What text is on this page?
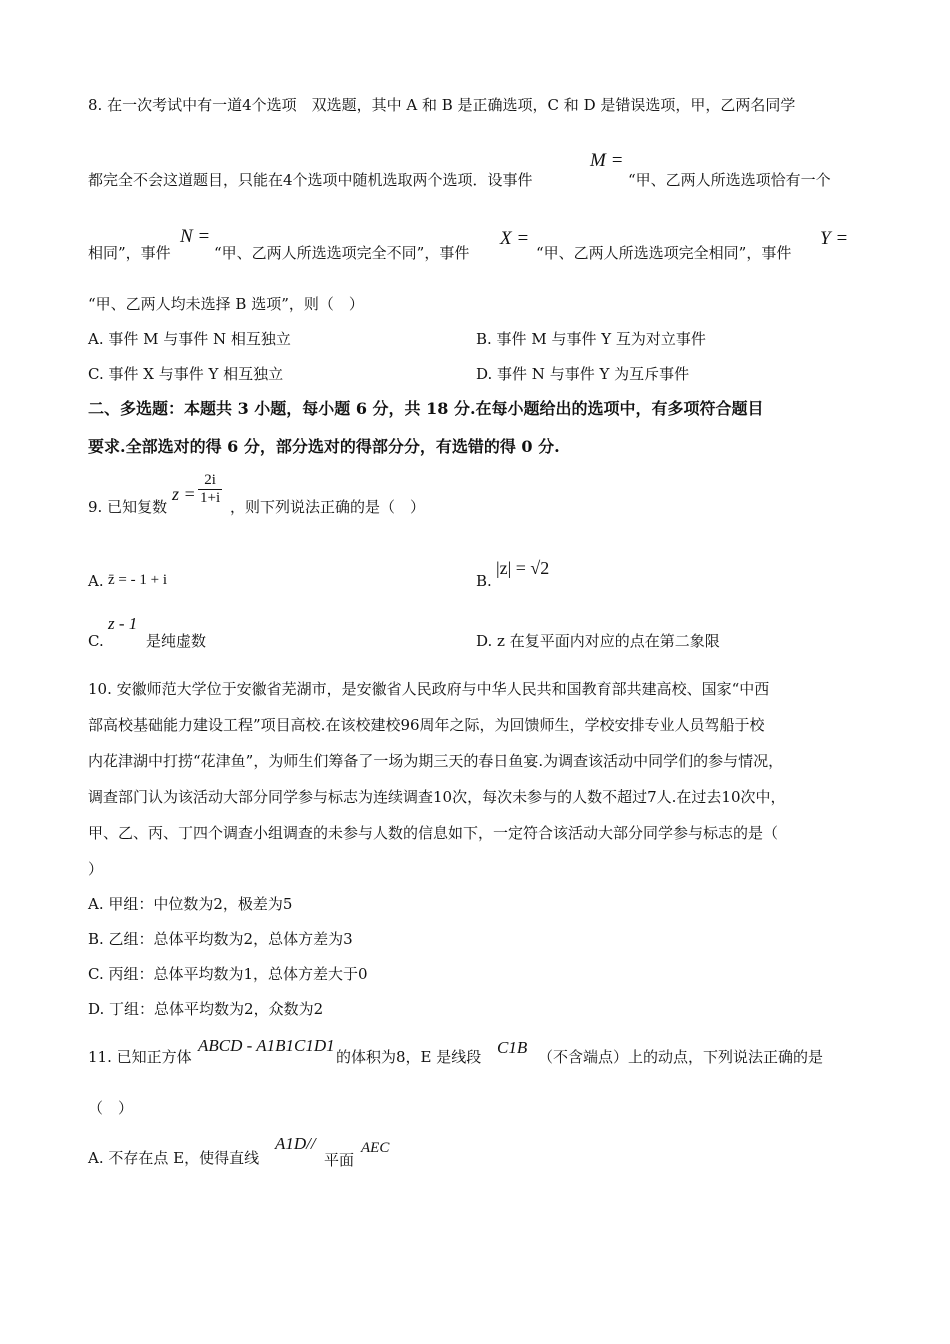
8. 在一次考试中有一道4个选项　双选题，其中 A 和 B 是正确选项，C 和 D 是错误选项，甲，乙两名同学
都完全不会这道题目，只能在4个选项中随机选取两个选项．设事件
M =
“甲、乙两人所选选项恰有一个
相同”，事件
N =
“甲、乙两人所选选项完全不同”，事件
X =
“甲、乙两人所选选项完全相同”，事件
Y =
“甲、乙两人均未选择 B 选项”，则（　）
A. 事件 M 与事件 N 相互独立	B. 事件 M 与事件 Y 互为对立事件
C. 事件 X 与事件 Y 相互独立	D. 事件 N 与事件 Y 为互斥事件
二、多选题：本题共 3 小题，每小题 6 分，共 18 分.在每小题给出的选项中，有多项符合题目
要求.全部选对的得 6 分，部分选对的得部分分，有选错的得 0 分.
9. 已知复数
$z = \frac{2i}{1+i}$ ，则下列说法正确的是（　）
A. z̄ = - 1 + i	B.
|z| = √2
C.
z - 1
是纯虚数	D. z 在复平面内对应的点在第二象限
10. 安徽师范大学位于安徽省芜湖市，是安徽省人民政府与中华人民共和国教育部共建高校、国家“中西
部高校基础能力建设工程”项目高校.在该校建校96周年之际，为回馈师生，学校安排专业人员驾船于校
内花津湖中打捞“花津鱼”，为师生们筹备了一场为期三天的春日鱼宴.为调查该活动中同学们的参与情况，
调查部门认为该活动大部分同学参与标志为连续调查10次，每次未参与的人数不超过7人.在过去10次中，
甲、乙、丙、丁四个调查小组调查的未参与人数的信息如下，一定符合该活动大部分同学参与标志的是（
）
A. 甲组：中位数为2，极差为5
B. 乙组：总体平均数为2，总体方差为3
C. 丙组：总体平均数为1，总体方差大于0
D. 丁组：总体平均数为2，众数为2
11. 已知正方体
ABCD - A1B1C1D1
的体积为8，E 是线段 C1B （不含端点）上的动点，下列说法正确的是
（　）
A. 不存在点 E，使得直线
A1D//
平面
AEC
